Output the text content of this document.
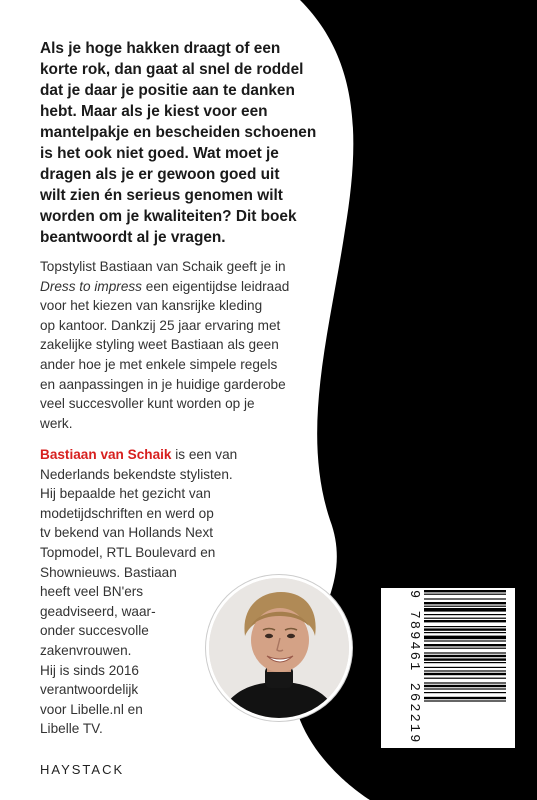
Als je hoge hakken draagt of een
korte rok, dan gaat al snel de roddel
dat je daar je positie aan te danken
hebt. Maar als je kiest voor een
mantelpakje en bescheiden schoenen
is het ook niet goed. Wat moet je
dragen als je er gewoon goed uit
wilt zien én serieus genomen wilt
worden om je kwaliteiten? Dit boek
beantwoordt al je vragen.
Topstylist Bastiaan van Schaik geeft je in
Dress to impress een eigentijdse leidraad
voor het kiezen van kansrijke kleding
op kantoor. Dankzij 25 jaar ervaring met
zakelijke styling weet Bastiaan als geen
ander hoe je met enkele simpele regels
en aanpassingen in je huidige garderobe
veel succesvoller kunt worden op je
werk.
Bastiaan van Schaik is een van
Nederlands bekendste stylisten.
Hij bepaalde het gezicht van
modetijdschriften en werd op
tv bekend van Hollands Next
Topmodel, RTL Boulevard en
Shownieuws. Bastiaan
heeft veel BN'ers
geadviseerd, waar-
onder succesvolle
zakenvrouwen.
Hij is sinds 2016
verantwoordelijk
voor Libelle.nl en
Libelle TV.
HAYSTACK
9 789461 262219
